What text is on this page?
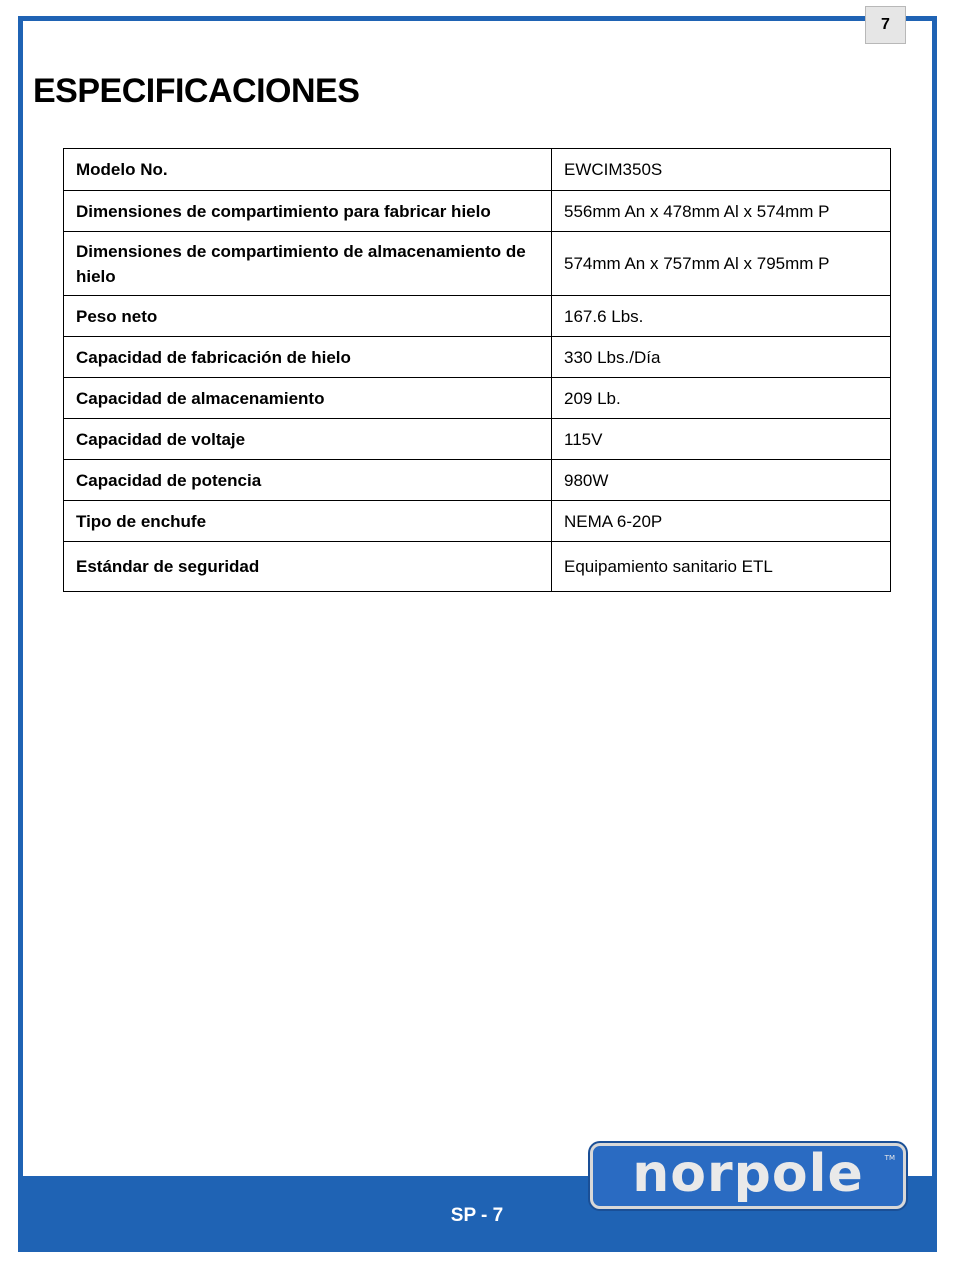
7
ESPECIFICACIONES
Modelo No.	EWCIM350S
Dimensiones de compartimiento para fabricar hielo	556mm An x 478mm Al x 574mm P
Dimensiones de compartimiento de almacenamiento de hielo	574mm An x 757mm Al x 795mm P
Peso neto	167.6 Lbs.
Capacidad de fabricación de hielo	330 Lbs./Día
Capacidad de almacenamiento	209 Lb.
Capacidad de voltaje	115V
Capacidad de potencia	980W
Tipo de enchufe	NEMA 6-20P
Estándar de seguridad	Equipamiento sanitario ETL
SP - 7
norpole	TM
